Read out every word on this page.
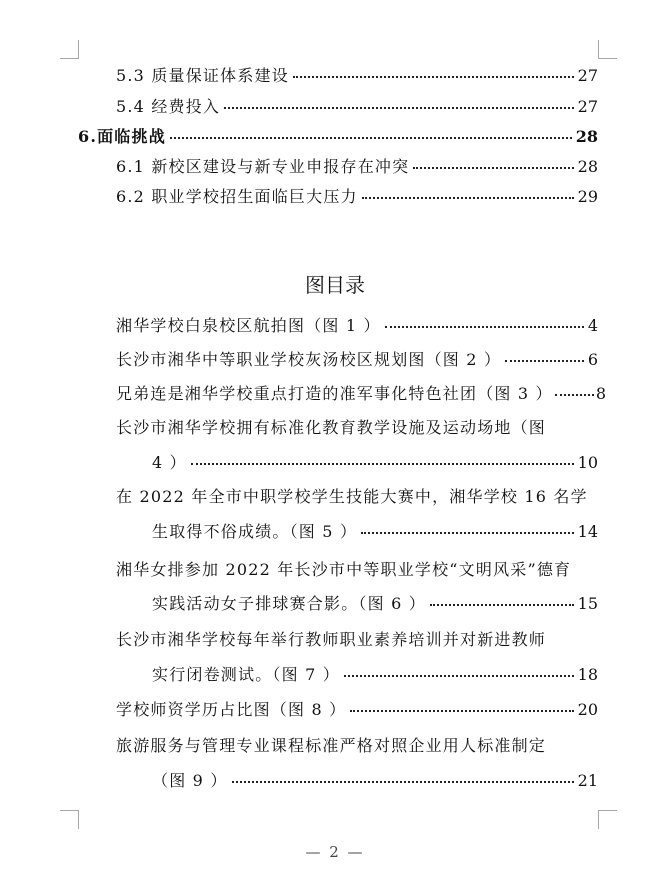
5.3 质量保证体系建设	27
5.4 经费投入	27
6.面临挑战	28
6.1 新校区建设与新专业申报存在冲突	28
6.2 职业学校招生面临巨大压力	29
图目录
湘华学校白泉校区航拍图（图 1 ）	4
长沙市湘华中等职业学校灰汤校区规划图（图 2 ）	6
兄弟连是湘华学校重点打造的准军事化特色社团（图 3 ）	8
长沙市湘华学校拥有标准化教育教学设施及运动场地（图
4 ）	10
在 2022 年全市中职学校学生技能大赛中，湘华学校 16 名学
生取得不俗成绩。（图 5 ）	14
湘华女排参加 2022 年长沙市中等职业学校“文明风采”德育
实践活动女子排球赛合影。（图 6 ）	15
长沙市湘华学校每年举行教师职业素养培训并对新进教师
实行闭卷测试。（图 7 ）	18
学校师资学历占比图（图 8 ）	20
旅游服务与管理专业课程标准严格对照企业用人标准制定
（图 9 ）	21
— 2 —
